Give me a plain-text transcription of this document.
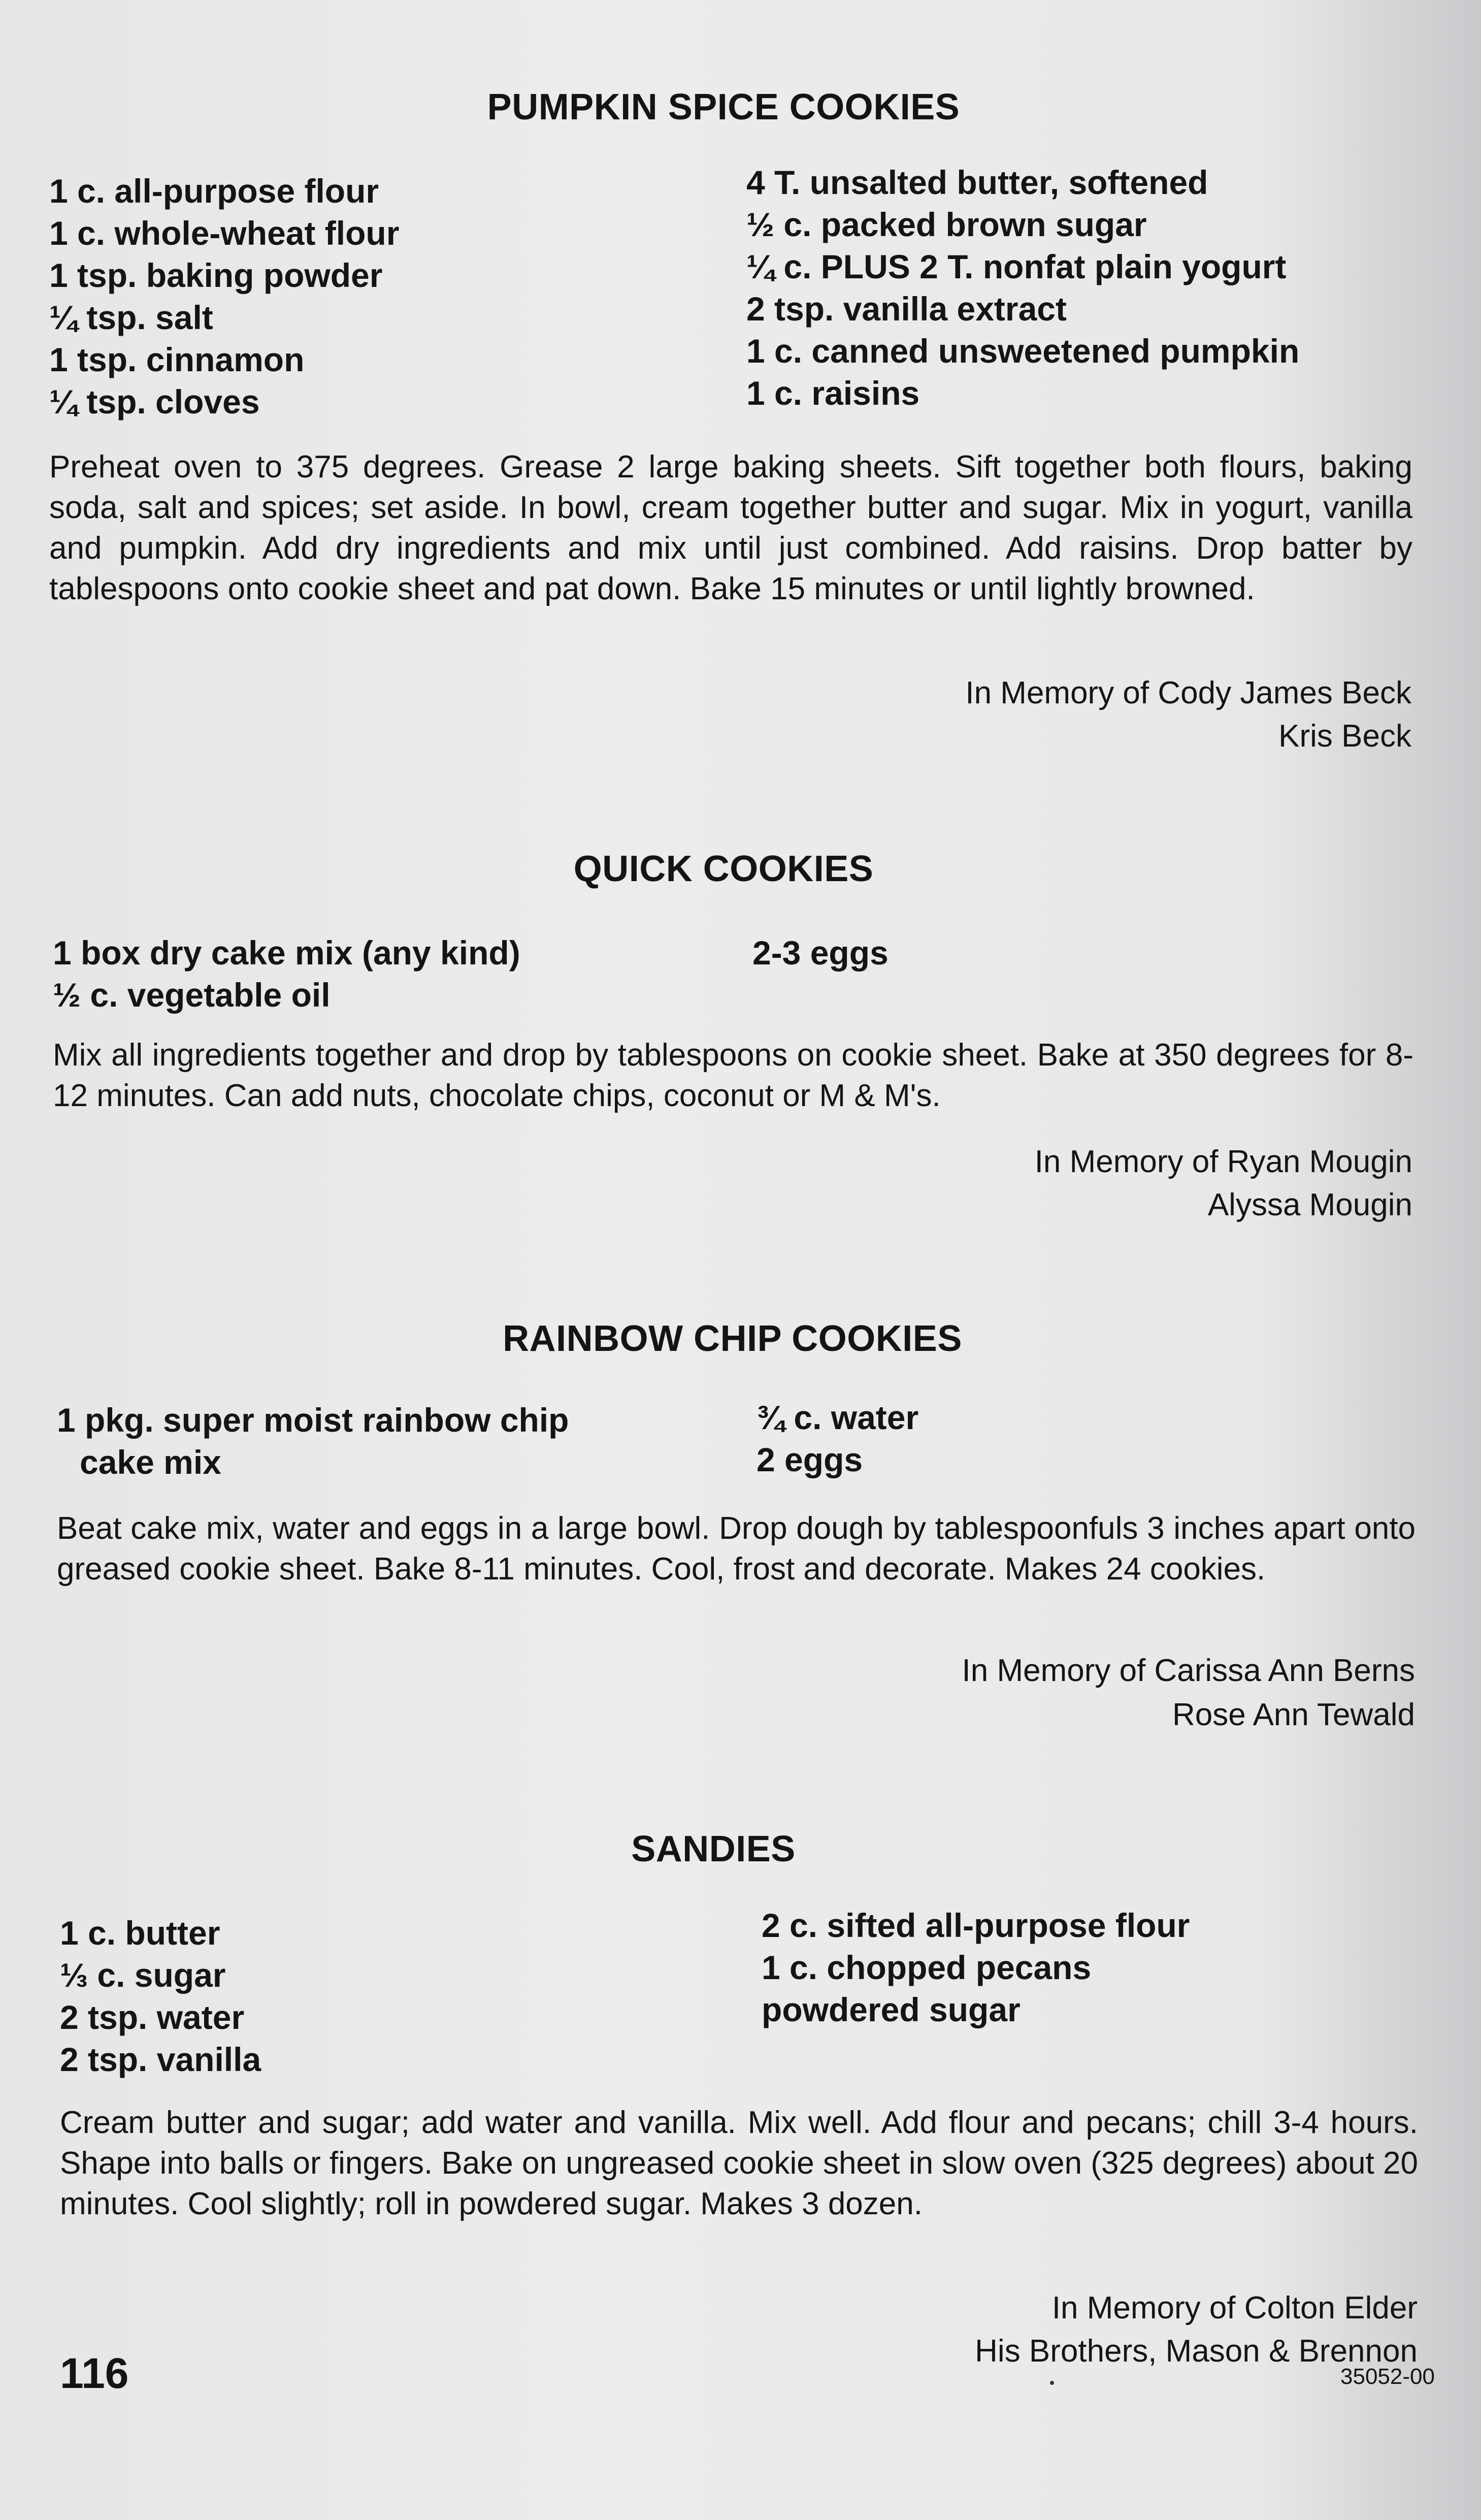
PUMPKIN SPICE COOKIES
1 c. all-purpose flour
1 c. whole-wheat flour
1 tsp. baking powder
¼ tsp. salt
1 tsp. cinnamon
¼ tsp. cloves
4 T. unsalted butter, softened
½ c. packed brown sugar
¼ c. PLUS 2 T. nonfat plain yogurt
2 tsp. vanilla extract
1 c. canned unsweetened pumpkin
1 c. raisins
Preheat oven to 375 degrees. Grease 2 large baking sheets. Sift together both flours, baking soda, salt and spices; set aside. In bowl, cream together butter and sugar. Mix in yogurt, vanilla and pumpkin. Add dry ingredients and mix until just combined. Add raisins. Drop batter by tablespoons onto cookie sheet and pat down. Bake 15 minutes or until lightly browned.
In Memory of Cody James Beck
Kris Beck
QUICK COOKIES
1 box dry cake mix (any kind)
½ c. vegetable oil
2-3 eggs
Mix all ingredients together and drop by tablespoons on cookie sheet. Bake at 350 degrees for 8-12 minutes. Can add nuts, chocolate chips, coconut or M & M's.
In Memory of Ryan Mougin
Alyssa Mougin
RAINBOW CHIP COOKIES
1 pkg. super moist rainbow chip
cake mix
¾ c. water
2 eggs
Beat cake mix, water and eggs in a large bowl. Drop dough by tablespoonfuls 3 inches apart onto greased cookie sheet. Bake 8-11 minutes. Cool, frost and decorate. Makes 24 cookies.
In Memory of Carissa Ann Berns
Rose Ann Tewald
SANDIES
1 c. butter
⅓ c. sugar
2 tsp. water
2 tsp. vanilla
2 c. sifted all-purpose flour
1 c. chopped pecans
powdered sugar
Cream butter and sugar; add water and vanilla. Mix well. Add flour and pecans; chill 3-4 hours. Shape into balls or fingers. Bake on ungreased cookie sheet in slow oven (325 degrees) about 20 minutes. Cool slightly; roll in powdered sugar. Makes 3 dozen.
In Memory of Colton Elder
His Brothers, Mason & Brennon
116	35052-00
